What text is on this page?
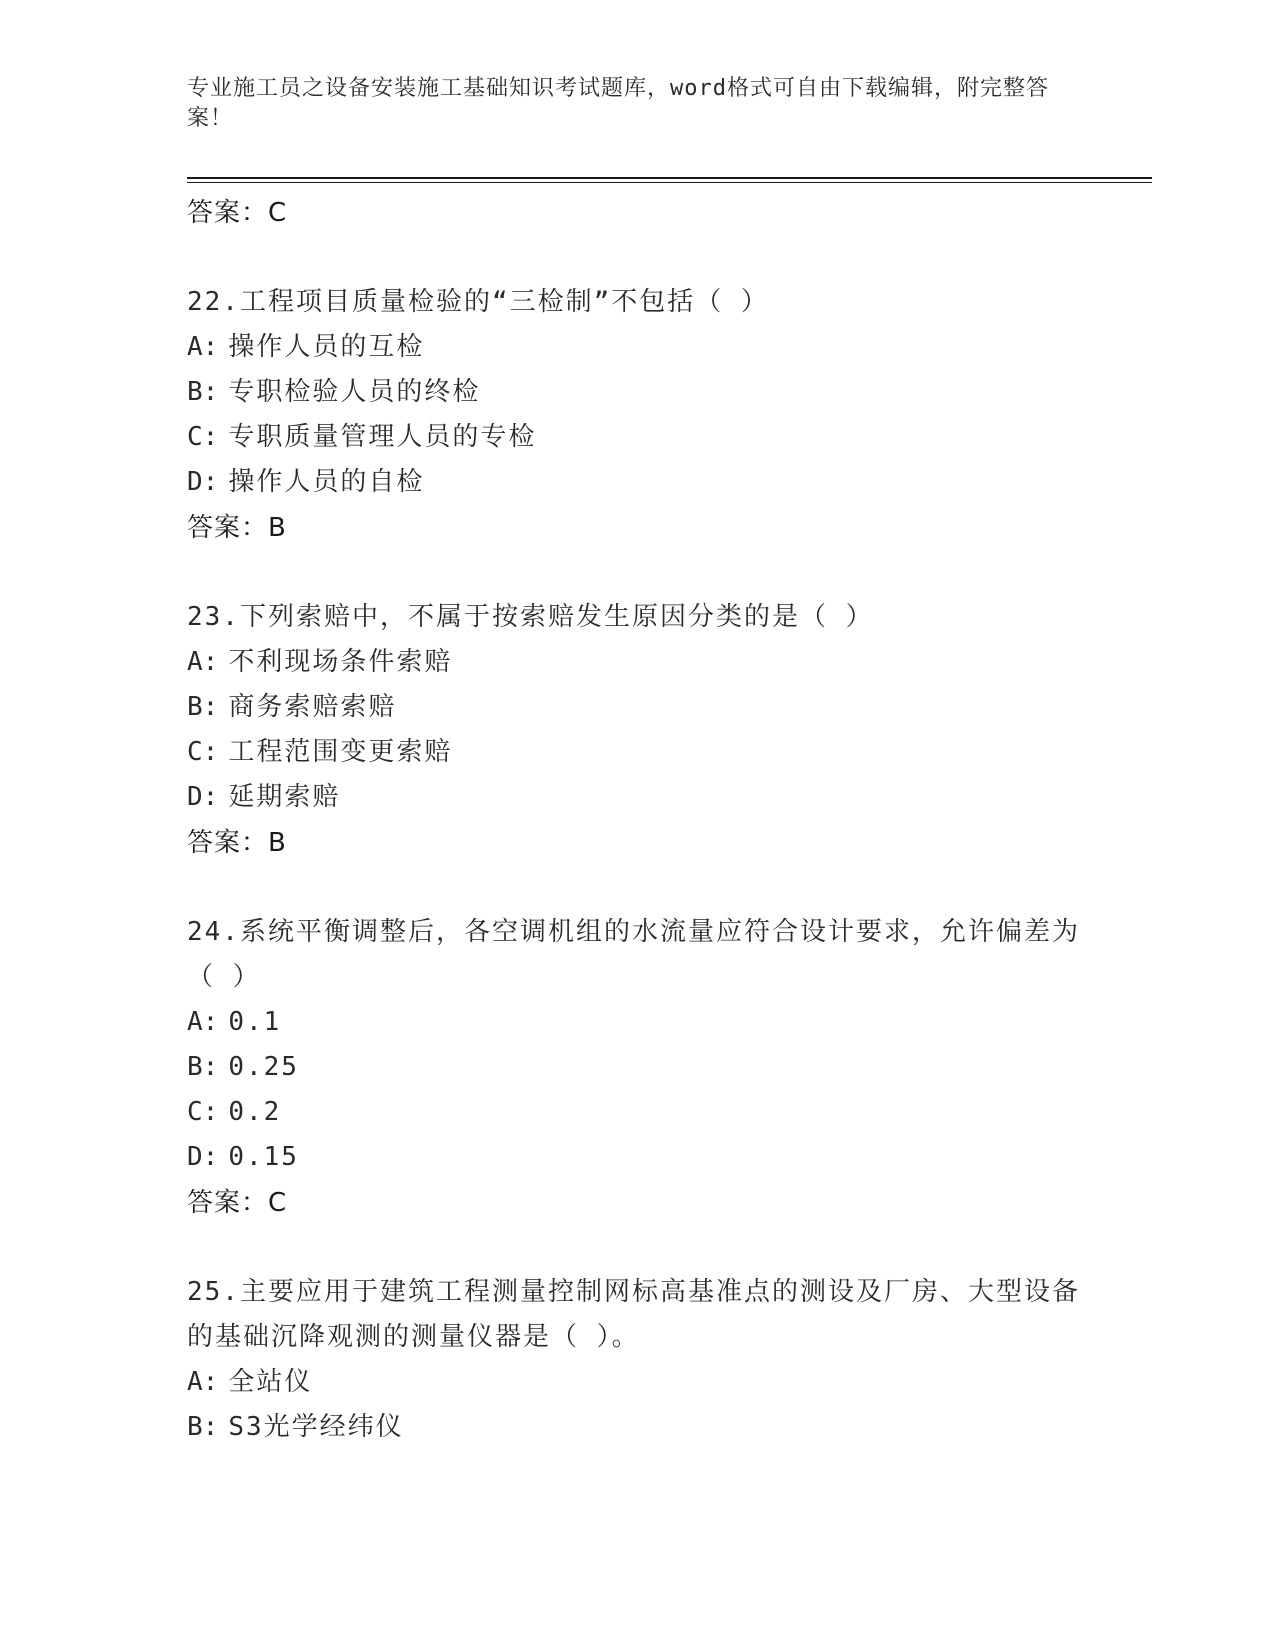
专业施工员之设备安装施工基础知识考试题库，word格式可自由下载编辑，附完整答案！
答案：C
22.工程项目质量检验的“三检制”不包括（ ）
A: 操作人员的互检
B: 专职检验人员的终检
C: 专职质量管理人员的专检
D: 操作人员的自检
答案：B
23.下列索赔中，不属于按索赔发生原因分类的是（ ）
A: 不利现场条件索赔
B: 商务索赔索赔
C: 工程范围变更索赔
D: 延期索赔
答案：B
24.系统平衡调整后，各空调机组的水流量应符合设计要求，允许偏差为（ ）
A: 0.1
B: 0.25
C: 0.2
D: 0.15
答案：C
25.主要应用于建筑工程测量控制网标高基准点的测设及厂房、大型设备的基础沉降观测的测量仪器是（ ）。
A: 全站仪
B: S3光学经纬仪
